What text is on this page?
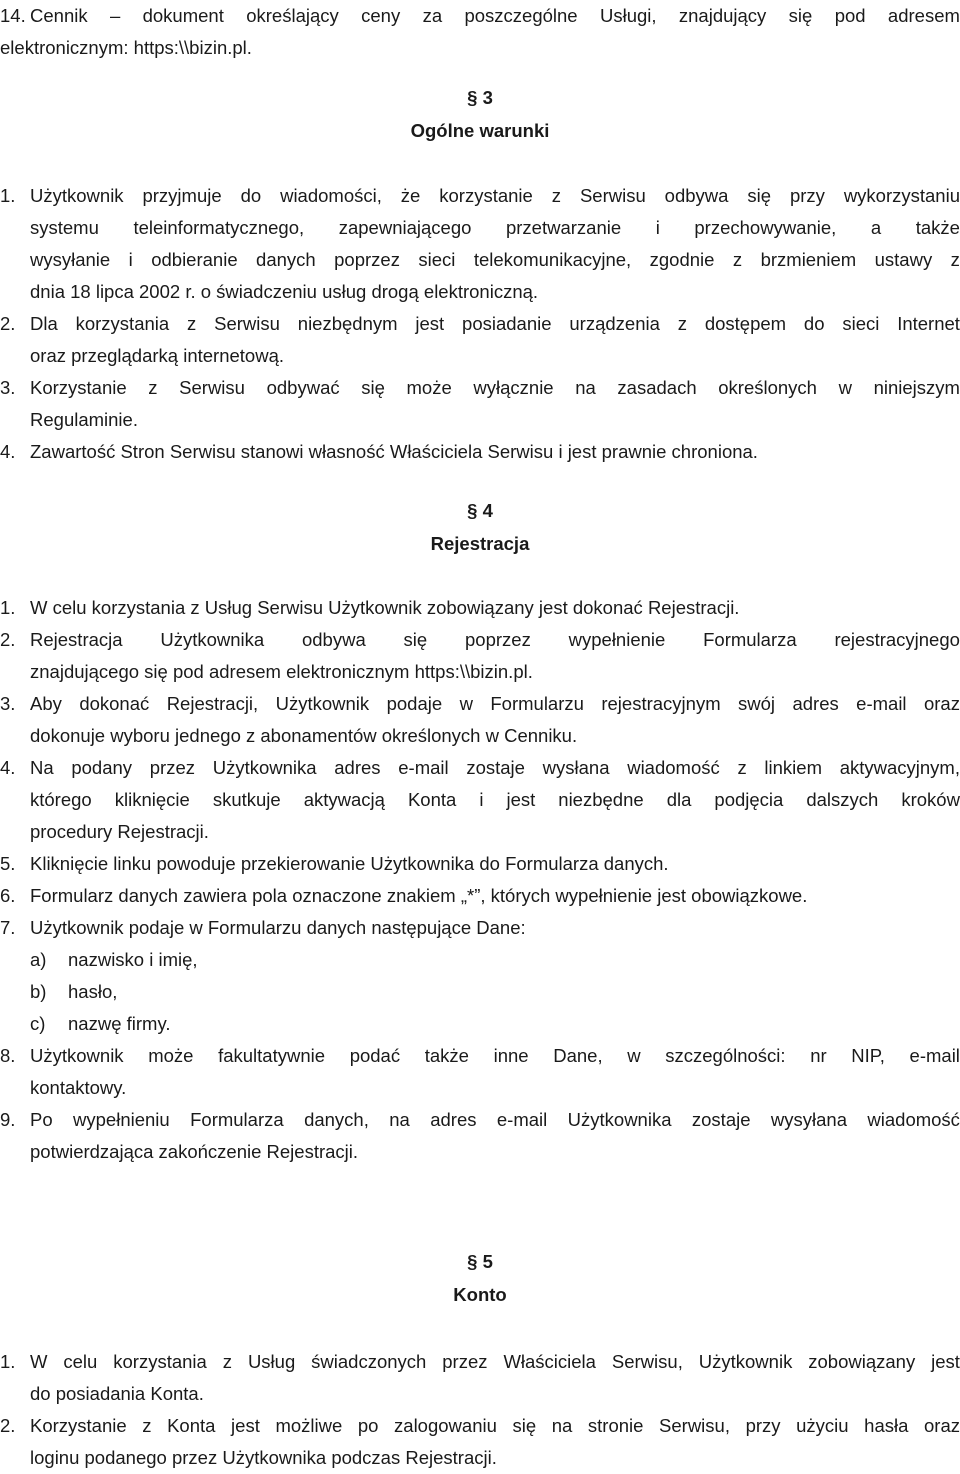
14. Cennik – dokument określający ceny za poszczególne Usługi, znajdujący się pod adresem
elektronicznym: https:\\bizin.pl.
§ 3
Ogólne warunki
1. Użytkownik przyjmuje do wiadomości, że korzystanie z Serwisu odbywa się przy wykorzystaniu
systemu teleinformatycznego, zapewniającego przetwarzanie i przechowywanie, a także
wysyłanie i odbieranie danych poprzez sieci telekomunikacyjne, zgodnie z brzmieniem ustawy z
dnia 18 lipca 2002 r. o świadczeniu usług drogą elektroniczną.
2. Dla korzystania z Serwisu niezbędnym jest posiadanie urządzenia z dostępem do sieci Internet
oraz przeglądarką internetową.
3. Korzystanie z Serwisu odbywać się może wyłącznie na zasadach określonych w niniejszym
Regulaminie.
4. Zawartość Stron Serwisu stanowi własność Właściciela Serwisu i jest prawnie chroniona.
§ 4
Rejestracja
1. W celu korzystania z Usług Serwisu Użytkownik zobowiązany jest dokonać Rejestracji.
2. Rejestracja Użytkownika odbywa się poprzez wypełnienie Formularza rejestracyjnego
znajdującego się pod adresem elektronicznym https:\\bizin.pl.
3. Aby dokonać Rejestracji, Użytkownik podaje w Formularzu rejestracyjnym swój adres e-mail oraz
dokonuje wyboru jednego z abonamentów określonych w Cenniku.
4. Na podany przez Użytkownika adres e-mail zostaje wysłana wiadomość z linkiem aktywacyjnym,
którego kliknięcie skutkuje aktywacją Konta i jest niezbędne dla podjęcia dalszych kroków
procedury Rejestracji.
5. Kliknięcie linku powoduje przekierowanie Użytkownika do Formularza danych.
6. Formularz danych zawiera pola oznaczone znakiem „*”, których wypełnienie jest obowiązkowe.
7. Użytkownik podaje w Formularzu danych następujące Dane:
a)	nazwisko i imię,
b)	hasło,
c)	nazwę firmy.
8. Użytkownik może fakultatywnie podać także inne Dane, w szczególności: nr NIP, e-mail
kontaktowy.
9. Po wypełnieniu Formularza danych, na adres e-mail Użytkownika zostaje wysyłana wiadomość
potwierdzająca zakończenie Rejestracji.
§ 5
Konto
1. W celu korzystania z Usług świadczonych przez Właściciela Serwisu, Użytkownik zobowiązany jest
do posiadania Konta.
2. Korzystanie z Konta jest możliwe po zalogowaniu się na stronie Serwisu, przy użyciu hasła oraz
loginu podanego przez Użytkownika podczas Rejestracji.
